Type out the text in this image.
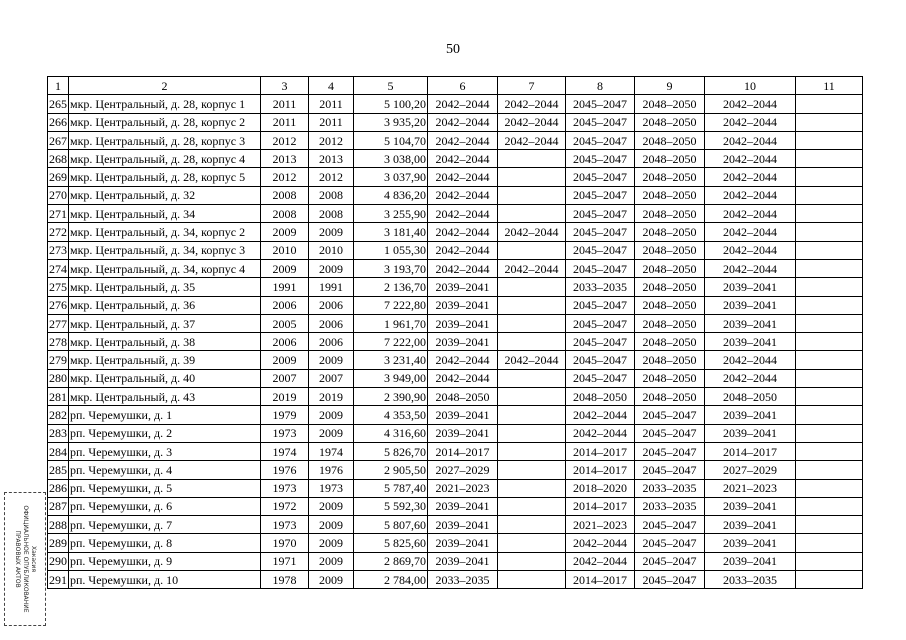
50
1	2	3	4	5	6	7	8	9	10	11
265	мкр. Центральный, д. 28, корпус 1	2011	2011	5 100,20	2042–2044	2042–2044	2045–2047	2048–2050	2042–2044	
266	мкр. Центральный, д. 28, корпус 2	2011	2011	3 935,20	2042–2044	2042–2044	2045–2047	2048–2050	2042–2044	
267	мкр. Центральный, д. 28, корпус 3	2012	2012	5 104,70	2042–2044	2042–2044	2045–2047	2048–2050	2042–2044	
268	мкр. Центральный, д. 28, корпус 4	2013	2013	3 038,00	2042–2044		2045–2047	2048–2050	2042–2044	
269	мкр. Центральный, д. 28, корпус 5	2012	2012	3 037,90	2042–2044		2045–2047	2048–2050	2042–2044	
270	мкр. Центральный, д. 32	2008	2008	4 836,20	2042–2044		2045–2047	2048–2050	2042–2044	
271	мкр. Центральный, д. 34	2008	2008	3 255,90	2042–2044		2045–2047	2048–2050	2042–2044	
272	мкр. Центральный, д. 34, корпус 2	2009	2009	3 181,40	2042–2044	2042–2044	2045–2047	2048–2050	2042–2044	
273	мкр. Центральный, д. 34, корпус 3	2010	2010	1 055,30	2042–2044		2045–2047	2048–2050	2042–2044	
274	мкр. Центральный, д. 34, корпус 4	2009	2009	3 193,70	2042–2044	2042–2044	2045–2047	2048–2050	2042–2044	
275	мкр. Центральный, д. 35	1991	1991	2 136,70	2039–2041		2033–2035	2048–2050	2039–2041	
276	мкр. Центральный, д. 36	2006	2006	7 222,80	2039–2041		2045–2047	2048–2050	2039–2041	
277	мкр. Центральный, д. 37	2005	2006	1 961,70	2039–2041		2045–2047	2048–2050	2039–2041	
278	мкр. Центральный, д. 38	2006	2006	7 222,00	2039–2041		2045–2047	2048–2050	2039–2041	
279	мкр. Центральный, д. 39	2009	2009	3 231,40	2042–2044	2042–2044	2045–2047	2048–2050	2042–2044	
280	мкр. Центральный, д. 40	2007	2007	3 949,00	2042–2044		2045–2047	2048–2050	2042–2044	
281	мкр. Центральный, д. 43	2019	2019	2 390,90	2048–2050		2048–2050	2048–2050	2048–2050	
282	рп. Черемушки, д. 1	1979	2009	4 353,50	2039–2041		2042–2044	2045–2047	2039–2041	
283	рп. Черемушки, д. 2	1973	2009	4 316,60	2039–2041		2042–2044	2045–2047	2039–2041	
284	рп. Черемушки, д. 3	1974	1974	5 826,70	2014–2017		2014–2017	2045–2047	2014–2017	
285	рп. Черемушки, д. 4	1976	1976	2 905,50	2027–2029		2014–2017	2045–2047	2027–2029	
286	рп. Черемушки, д. 5	1973	1973	5 787,40	2021–2023		2018–2020	2033–2035	2021–2023	
287	рп. Черемушки, д. 6	1972	2009	5 592,30	2039–2041		2014–2017	2033–2035	2039–2041	
288	рп. Черемушки, д. 7	1973	2009	5 807,60	2039–2041		2021–2023	2045–2047	2039–2041	
289	рп. Черемушки, д. 8	1970	2009	5 825,60	2039–2041		2042–2044	2045–2047	2039–2041	
290	рп. Черемушки, д. 9	1971	2009	2 869,70	2039–2041		2042–2044	2045–2047	2039–2041	
291	рп. Черемушки, д. 10	1978	2009	2 784,00	2033–2035		2014–2017	2045–2047	2033–2035	
Хакасия
ОФИЦИАЛЬНОЕ ОПУБЛИКОВАНИЕ
ПРАВОВЫХ АКТОВ
